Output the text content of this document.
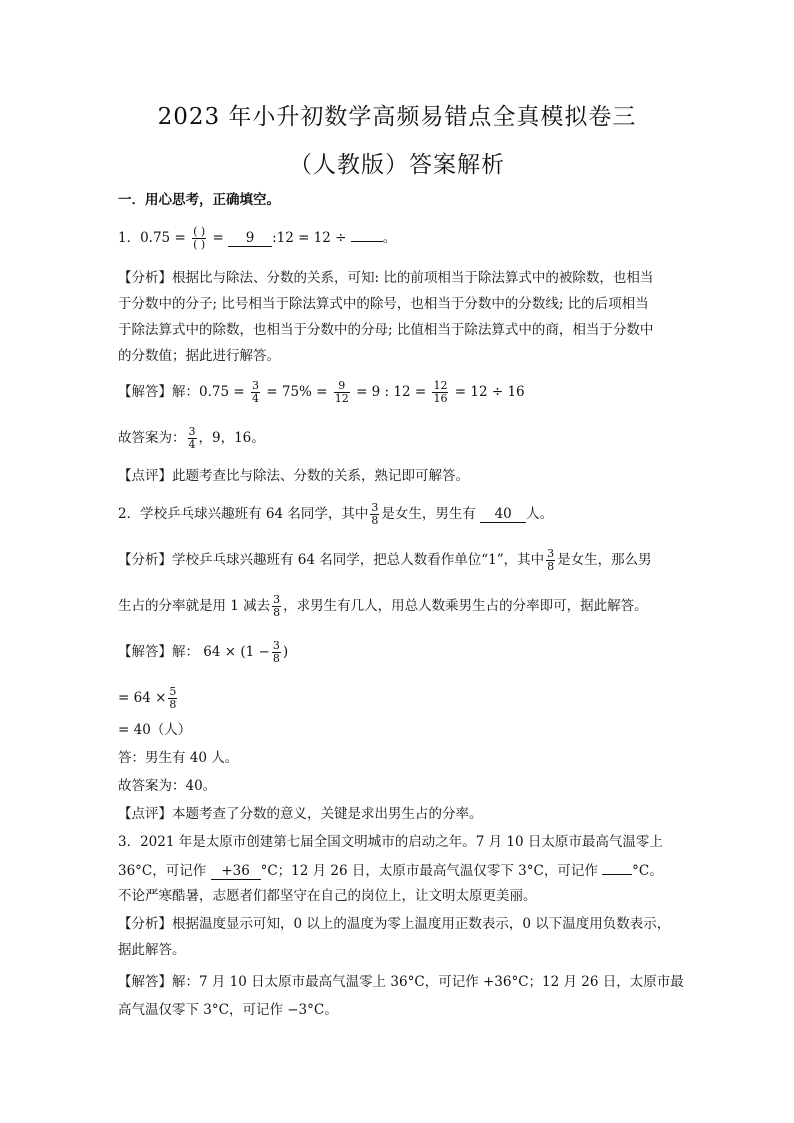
2023 年小升初数学高频易错点全真模拟卷三
（人教版）答案解析
一．用心思考，正确填空。
1．$0.75 = \frac{( )}{( )} = 9$ :12 = 12 ÷	。
【分析】根据比与除法、分数的关系，可知: 比的前项相当于除法算式中的被除数，也相当
于分数中的分子; 比号相当于除法算式中的除号，也相当于分数中的分数线; 比的后项相当
于除法算式中的除数，也相当于分数中的分母; 比值相当于除法算式中的商，相当于分数中
的分数值；据此进行解答。
【解答】解：$0.75 = \frac{3}{4} = 75\% = \frac{9}{12} = 9$ : $12 = \frac{12}{16} = 12 \div 16$
故答案为： $\frac{3}{4}$ ，9，16。
【点评】此题考查比与除法、分数的关系，熟记即可解答。
2．学校乒乓球兴趣班有 64 名同学，其中 $\frac{3}{8}$ 是女生，男生有 40 人。
【分析】学校乒乓球兴趣班有 64 名同学，把总人数看作单位“1”，其中 $\frac{3}{8}$ 是女生，那么男
生占的分率就是用 1 减去 $\frac{3}{8}$ ，求男生有几人，用总人数乘男生占的分率即可，据此解答。
【解答】解： $64 \times (1 - \frac{3}{8}$ )
= $64 \times \frac{5}{8}$
= 40（人）
答：男生有 40 人。
故答案为：40。
【点评】本题考查了分数的意义，关键是求出男生占的分率。
3．2021 年是太原市创建第七届全国文明城市的启动之年。7 月 10 日太原市最高气温零上
36°C，可记作 +36 °C；12 月 26 日，太原市最高气温仅零下 3°C，可记作	°C。
不论严寒酷暑，志愿者们都坚守在自己的岗位上，让文明太原更美丽。
【分析】根据温度显示可知，0 以上的温度为零上温度用正数表示，0 以下温度用负数表示，
据此解答。
【解答】解：7 月 10 日太原市最高气温零上 36°C，可记作 +36°C；12 月 26 日，太原市最
高气温仅零下 3°C，可记作 −3°C。
